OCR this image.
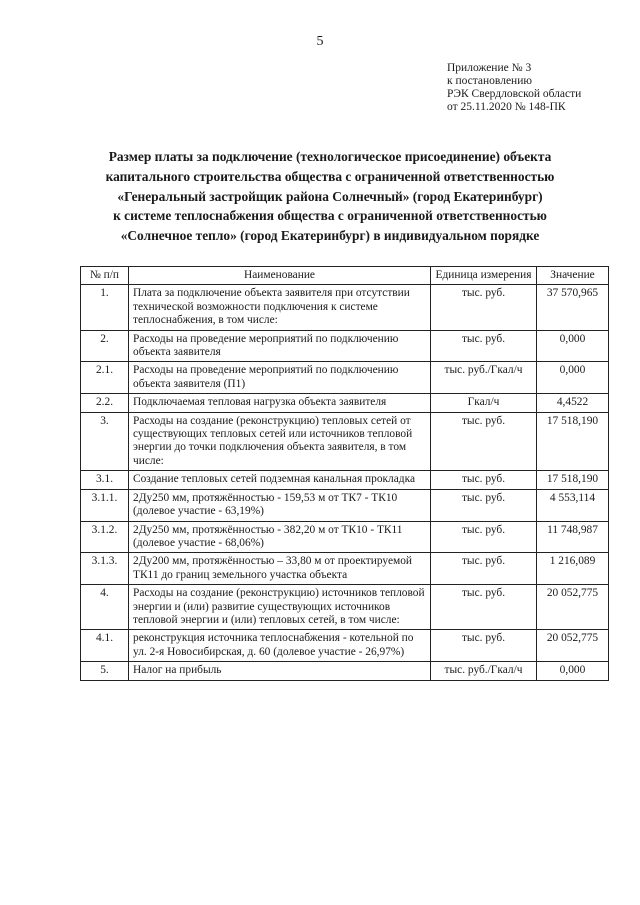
5
Приложение № 3
к постановлению
РЭК Свердловской области
от 25.11.2020 № 148-ПК
Размер платы за подключение (технологическое присоединение) объекта
капитального строительства общества с ограниченной ответственностью
«Генеральный застройщик района Солнечный» (город Екатеринбург)
к системе теплоснабжения общества с ограниченной ответственностью
«Солнечное тепло» (город Екатеринбург) в индивидуальном порядке
№ п/п	Наименование	Единица измерения	Значение
1.	Плата за подключение объекта заявителя при отсутствии технической возможности подключения к системе теплоснабжения, в том числе:	тыс. руб.	37 570,965
2.	Расходы на проведение мероприятий по подключению объекта заявителя	тыс. руб.	0,000
2.1.	Расходы на проведение мероприятий по подключению объекта заявителя (П1)	тыс. руб./Гкал/ч	0,000
2.2.	Подключаемая тепловая нагрузка объекта заявителя	Гкал/ч	4,4522
3.	Расходы на создание (реконструкцию) тепловых сетей от существующих тепловых сетей или источников тепловой энергии до точки подключения объекта заявителя, в том числе:	тыс. руб.	17 518,190
3.1.	Создание тепловых сетей подземная канальная прокладка	тыс. руб.	17 518,190
3.1.1.	2Ду250 мм, протяжённостью - 159,53 м от ТК7 - ТК10 (долевое участие - 63,19%)	тыс. руб.	4 553,114
3.1.2.	2Ду250 мм, протяжённостью - 382,20 м от ТК10 - ТК11 (долевое участие - 68,06%)	тыс. руб.	11 748,987
3.1.3.	2Ду200 мм, протяжённостью – 33,80 м от проектируемой ТК11 до границ земельного участка объекта	тыс. руб.	1 216,089
4.	Расходы на создание (реконструкцию) источников тепловой энергии и (или) развитие существующих источников тепловой энергии и (или) тепловых сетей, в том числе:	тыс. руб.	20 052,775
4.1.	реконструкция источника теплоснабжения - котельной по ул. 2-я Новосибирская, д. 60 (долевое участие - 26,97%)	тыс. руб.	20 052,775
5.	Налог на прибыль	тыс. руб./Гкал/ч	0,000
